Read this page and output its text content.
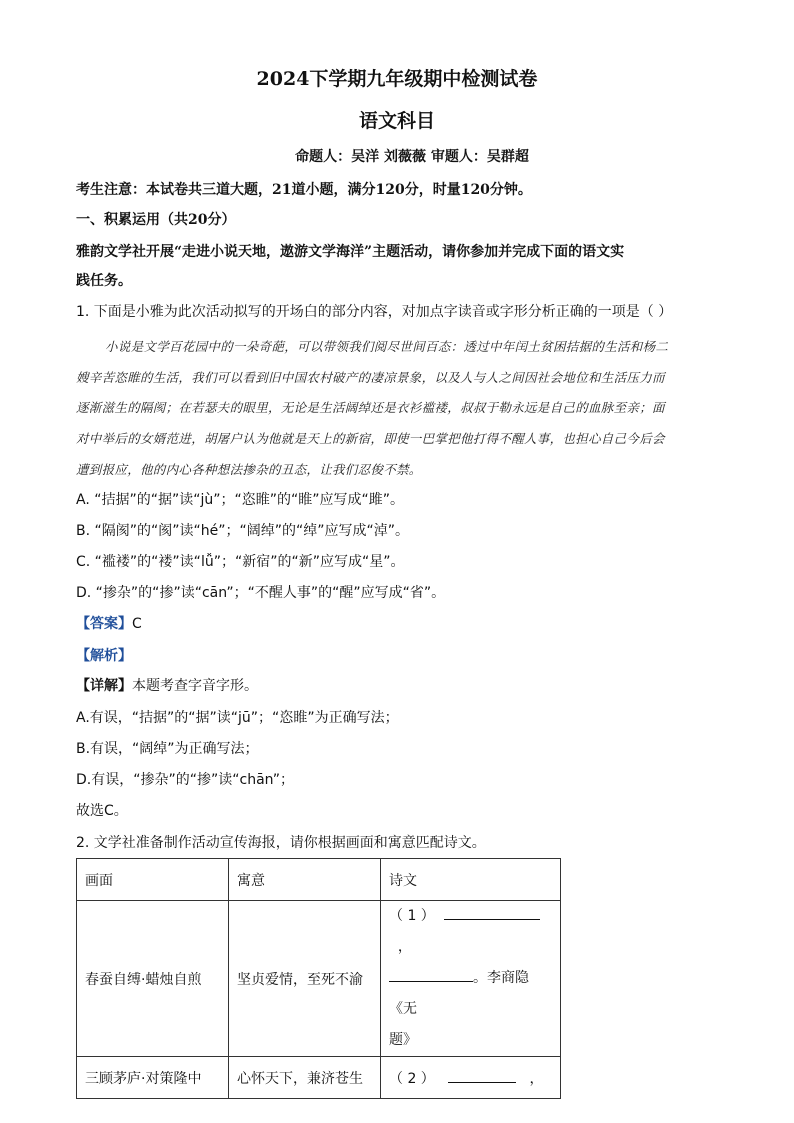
2024下学期九年级期中检测试卷
语文科目
命题人：吴洋 刘薇薇 审题人：吴群超
考生注意：本试卷共三道大题，21道小题，满分120分，时量120分钟。
一、积累运用（共20分）
雅韵文学社开展“走进小说天地，遨游文学海洋”主题活动，请你参加并完成下面的语文实
践任务。
1. 下面是小雅为此次活动拟写的开场白的部分内容，对加点字读音或字形分析正确的一项是（ ）
小说是文学百花园中的一朵奇葩，可以带领我们阅尽世间百态：透过中年闰土贫困拮据的生活和杨二
嫂辛苦恣睢的生活，我们可以看到旧中国农村破产的凄凉景象，以及人与人之间因社会地位和生活压力而
逐渐滋生的隔阂；在若瑟夫的眼里，无论是生活阔绰还是衣衫褴褛，叔叔于勒永远是自己的血脉至亲；面
对中举后的女婿范进，胡屠户认为他就是天上的新宿，即使一巴掌把他打得不醒人事，也担心自己今后会
遭到报应，他的内心各种想法掺杂的丑态，让我们忍俊不禁。
A. “拮据”的“据”读“jù”；“恣睢”的“睢”应写成“雎”。
B. “隔阂”的“阂”读“hé”；“阔绰”的“绰”应写成“淖”。
C. “褴褛”的“褛”读“lǚ”；“新宿”的“新”应写成“星”。
D. “掺杂”的“掺”读“cān”；“不醒人事”的“醒”应写成“省”。
【答案】C
【解析】
【详解】本题考查字音字形。
A.有误，“拮据”的“据”读“jū”；“恣睢”为正确写法；
B.有误，“阔绰”为正确写法；
D.有误，“掺杂”的“掺”读“chān”；
故选C。
2. 文学社准备制作活动宣传海报，请你根据画面和寓意匹配诗文。
画面	寓意	诗文
春蚕自缚·蜡烛自煎	坚贞爱情，至死不渝	（ 1 ）    ，
。李商隐《无
题》

三顾茅庐·对策隆中	心怀天下，兼济苍生	（ 2 ） ，
